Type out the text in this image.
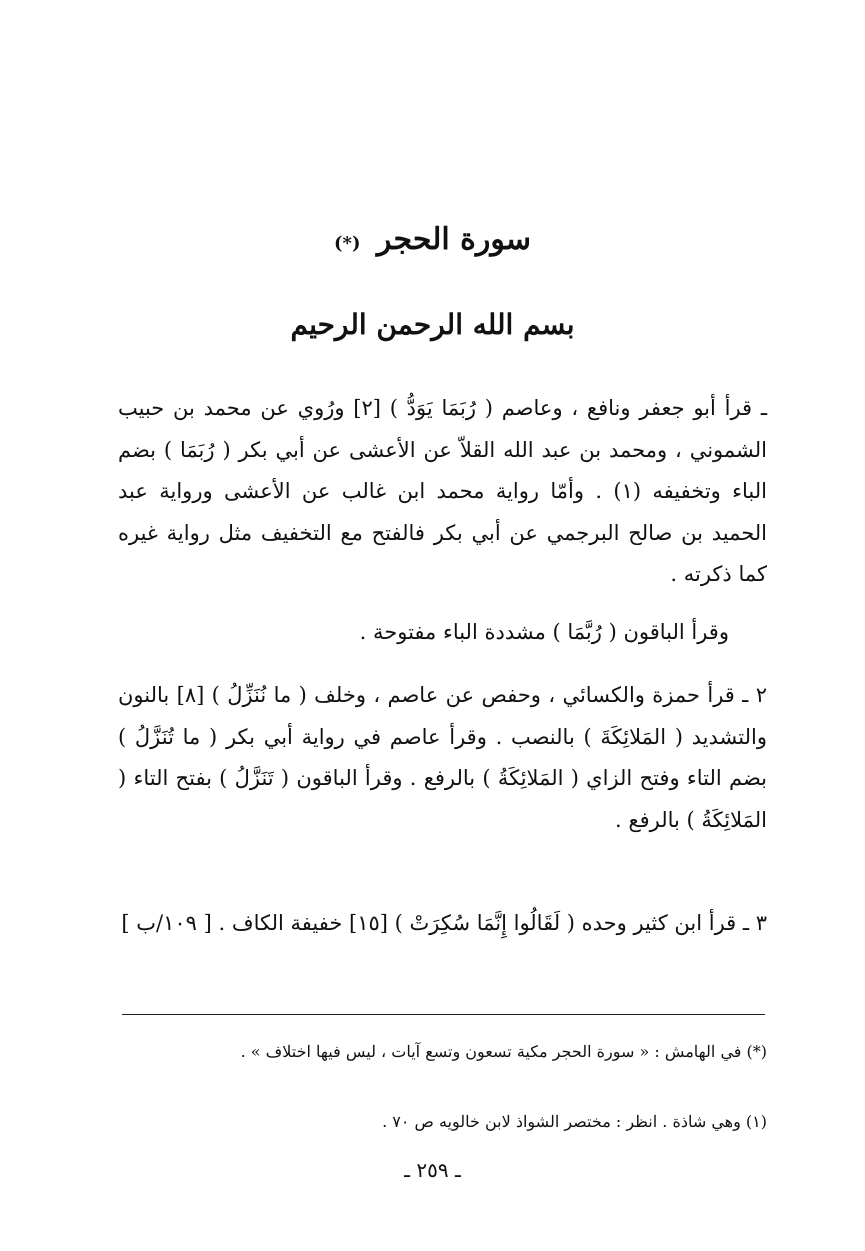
سورة الحجر (*)
بسم الله الرحمن الرحيم

ـ قرأ أبو جعفر ونافع ، وعاصم ( رُبَمَا يَوَدُّ ) [٢] ورُوي عن محمد بن حبيب الشموني ، ومحمد بن عبد الله القلاّ عن الأعشى عن أبي بكر ( رُبَمَا ) بضم الباء وتخفيفه (١) . وأمّا رواية محمد ابن غالب عن الأعشى ورواية عبد الحميد بن صالح البرجمي عن أبي بكر فالفتح مع التخفيف مثل رواية غيره كما ذكرته .

وقرأ الباقون ( رُبَّمَا ) مشددة الباء مفتوحة .

٢ ـ قرأ حمزة والكسائي ، وحفص عن عاصم ، وخلف ( ما نُنَزِّلُ ) [٨] بالنون والتشديد ( المَلائِكَةَ ) بالنصب . وقرأ عاصم في رواية أبي بكر ( ما تُنَزَّلُ ) بضم التاء وفتح الزاي ( المَلائِكَةُ ) بالرفع . وقرأ الباقون ( تَنَزَّلُ ) بفتح التاء ( المَلائِكَةُ ) بالرفع .

٣ ـ قرأ ابن كثير وحده ( لَقَالُوا إِنَّمَا سُكِرَتْ ) [١٥] خفيفة الكاف . [ ١٠٩/ب ]

(*) في الهامش : « سورة الحجر مكية تسعون وتسع آيات ، ليس فيها اختلاف » .

(١) وهي شاذة . انظر : مختصر الشواذ لابن خالويه ص ٧٠ .

ـ ٢٥٩ ـ
